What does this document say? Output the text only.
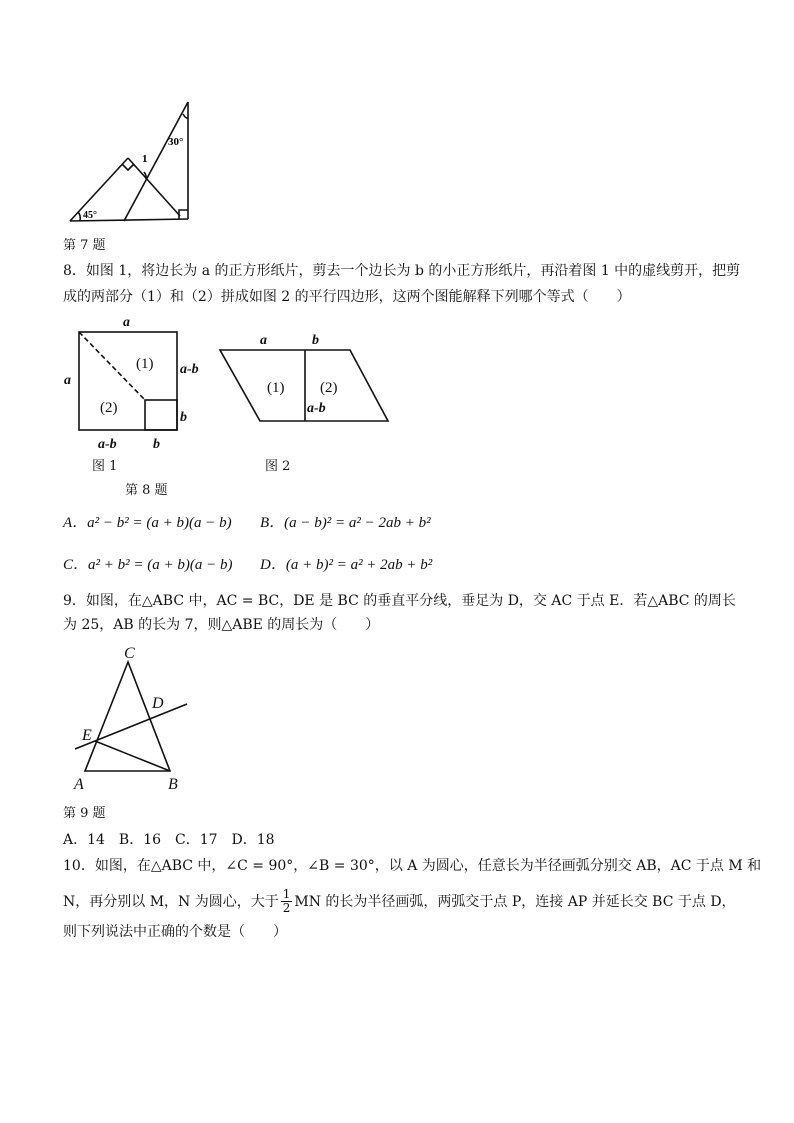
30°
1
45°
第 7 题
8．如图 1，将边长为 a 的正方形纸片，剪去一个边长为 b 的小正方形纸片，再沿着图 1 中的虚线剪开，把剪
成的两部分（1）和（2）拼成如图 2 的平行四边形，这两个图能解释下列哪个等式（　　）
a
a
a-b
b
a-b	b
(1)
(2)
图 1
a	b
a-b
(1) (2)
图 2
第 8 题
A．a² − b² = (a + b)(a − b) B．(a − b)² = a² − 2ab + b²
C．a² + b² = (a + b)(a − b) D．(a + b)² = a² + 2ab + b²
9．如图，在△ABC 中，AC = BC，DE 是 BC 的垂直平分线，垂足为 D，交 AC 于点 E．若△ABC 的周长
为 25，AB 的长为 7，则△ABE 的周长为（　　）
C
D
E
A	B
第 9 题
A．14　B．16　C．17　D．18
10．如图，在△ABC 中，∠C = 90°，∠B = 30°，以 A 为圆心，任意长为半径画弧分别交 AB，AC 于点 M 和
N，再分别以 M，N 为圆心，大于 $\frac{1}{2}$ MN 的长为半径画弧，两弧交于点 P，连接 AP 并延长交 BC 于点 D，
则下列说法中正确的个数是（　　）
